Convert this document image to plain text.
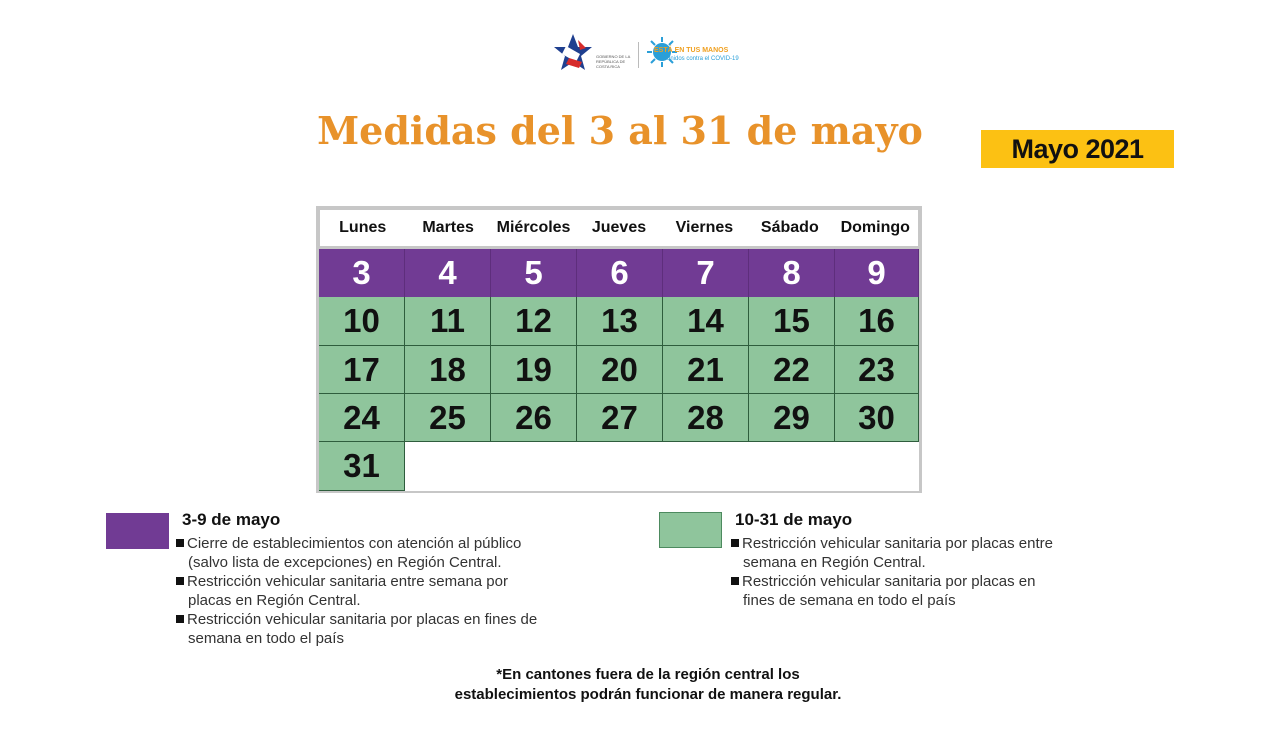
GOBIERNO DE LA REPÚBLICA DE COSTA RICA
ESTÁ EN TUS MANOS
Unidos contra el COVID-19
Medidas del 3 al 31 de mayo	Mayo 2021
Lunes	Martes	Miércoles	Jueves	Viernes	Sábado	Domingo
3	4	5	6	7	8	9
10	11	12	13	14	15	16
17	18	19	20	21	22	23
24	25	26	27	28	29	30
31
3-9 de mayo
Cierre de establecimientos con atención al público
(salvo lista de excepciones) en Región Central.
Restricción vehicular sanitaria entre semana por
placas en Región Central.
Restricción vehicular sanitaria por placas en fines de
semana en todo el país
10-31 de mayo
Restricción vehicular sanitaria por placas entre
semana en Región Central.
Restricción vehicular sanitaria por placas en
fines de semana en todo el país
*En cantones fuera de la región central los
establecimientos podrán funcionar de manera regular.
